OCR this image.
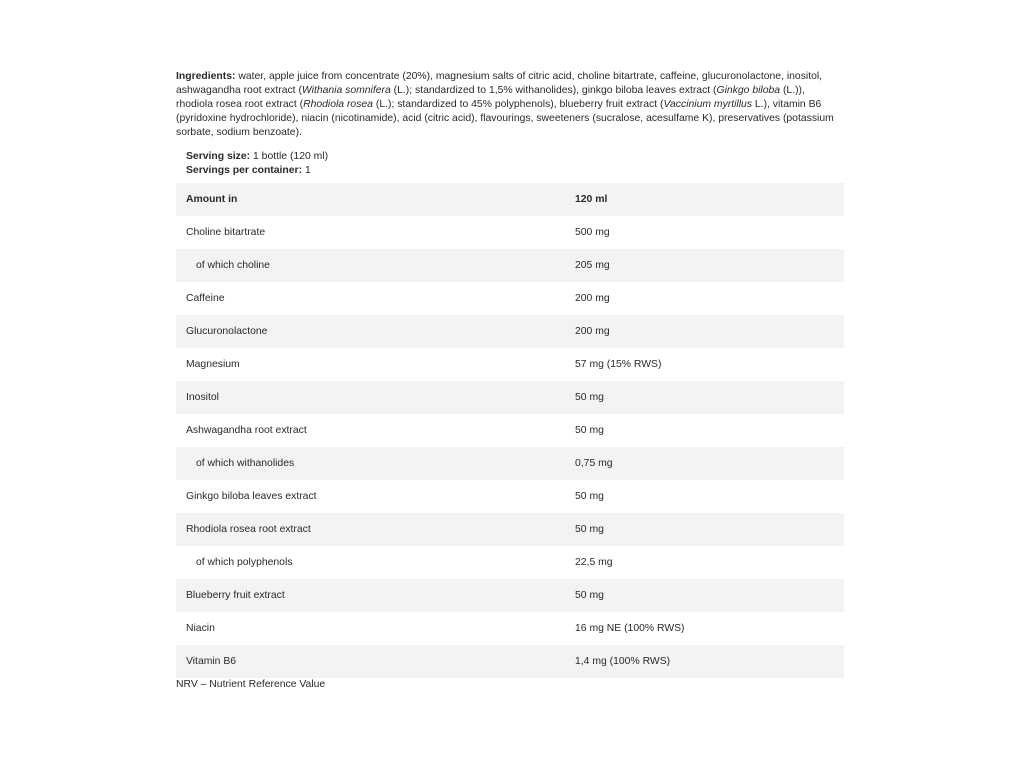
Ingredients: water, apple juice from concentrate (20%), magnesium salts of citric acid, choline bitartrate, caffeine, glucuronolactone, inositol, ashwagandha root extract (Withania somnifera (L.); standardized to 1,5% withanolides), ginkgo biloba leaves extract (Ginkgo biloba (L.)), rhodiola rosea root extract (Rhodiola rosea (L.); standardized to 45% polyphenols), blueberry fruit extract (Vaccinium myrtillus L.), vitamin B6 (pyridoxine hydrochloride), niacin (nicotinamide), acid (citric acid), flavourings, sweeteners (sucralose, acesulfame K), preservatives (potassium sorbate, sodium benzoate).

Serving size: 1 bottle (120 ml)
Servings per container: 1
Amount in	120 ml
Choline bitartrate	500 mg
of which choline	205 mg
Caffeine	200 mg
Glucuronolactone	200 mg
Magnesium	57 mg (15% RWS)
Inositol	50 mg
Ashwagandha root extract	50 mg
of which withanolides	0,75 mg
Ginkgo biloba leaves extract	50 mg
Rhodiola rosea root extract	50 mg
of which polyphenols	22,5 mg
Blueberry fruit extract	50 mg
Niacin	16 mg NE (100% RWS)
Vitamin B6	1,4 mg (100% RWS)
NRV – Nutrient Reference Value
